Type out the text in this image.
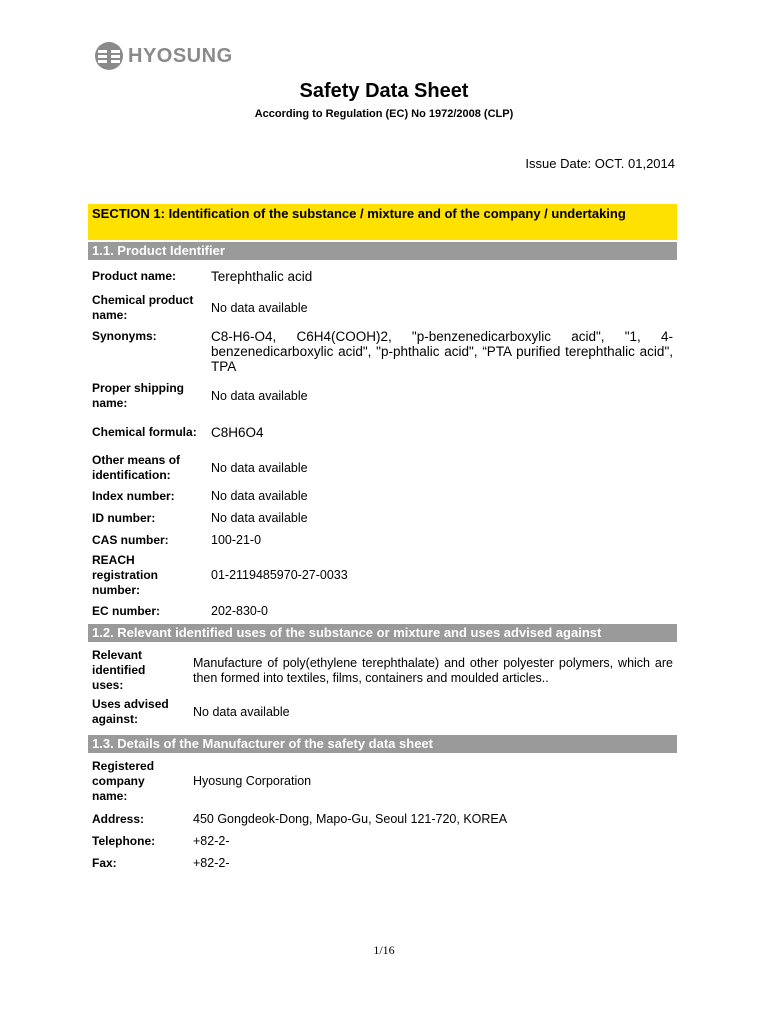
HYOSUNG
Safety Data Sheet
According to Regulation (EC) No 1972/2008 (CLP)
Issue Date: OCT. 01,2014
SECTION 1: Identification of the substance / mixture and of the company / undertaking
1.1. Product Identifier
Product name:	Terephthalic acid
Chemical product name:
No data available
Synonyms:	C8-H6-O4, C6H4(COOH)2, "p-benzenedicarboxylic acid", "1, 4-benzenedicarboxylic acid", "p-phthalic acid", “PTA purified terephthalic acid", TPA
Proper shipping name:
No data available
Chemical formula:	C8H6O4
Other means of identification:
No data available
Index number:	No data available
ID number:	No data available
CAS number:	100-21-0
REACH registration number:
01-2119485970-27-0033
EC number:	202-830-0
1.2. Relevant identified uses of the substance or mixture and uses advised against
Relevant identified uses:
Manufacture of poly(ethylene terephthalate) and other polyester polymers, which are then formed into textiles, films, containers and moulded articles..
Uses advised against:
No data available
1.3. Details of the Manufacturer of the safety data sheet
Registered company name:
Hyosung Corporation
Address:	450 Gongdeok-Dong, Mapo-Gu, Seoul 121-720, KOREA
Telephone:	+82-2-
Fax:	+82-2-
1/16
